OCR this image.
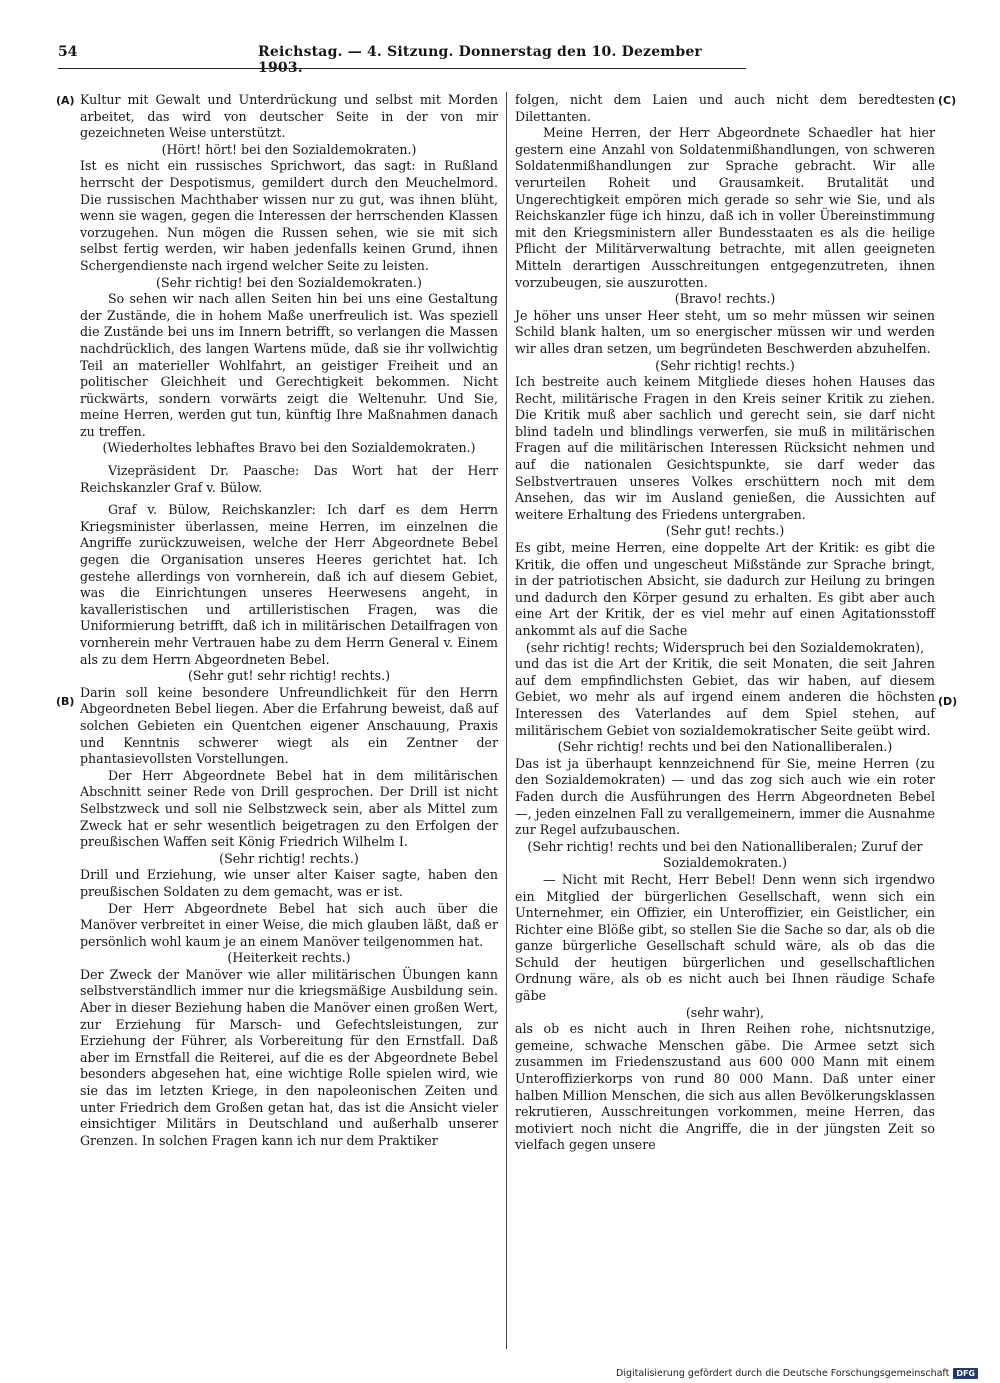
54	Reichstag. — 4. Sitzung. Donnerstag den 10. Dezember 1903.
(A)
(B)
(C)
(D)

Kultur mit Gewalt und Unterdrückung und selbst mit Morden arbeitet, das wird von deutscher Seite in der von mir gezeichneten Weise unterstützt.

(Hört! hört! bei den Sozialdemokraten.)

Ist es nicht ein russisches Sprichwort, das sagt: in Rußland herrscht der Despotismus, gemildert durch den Meuchelmord. Die russischen Machthaber wissen nur zu gut, was ihnen blüht, wenn sie wagen, gegen die Interessen der herrschenden Klassen vorzugehen. Nun mögen die Russen sehen, wie sie mit sich selbst fertig werden, wir haben jedenfalls keinen Grund, ihnen Schergendienste nach irgend welcher Seite zu leisten.

(Sehr richtig! bei den Sozialdemokraten.)

So sehen wir nach allen Seiten hin bei uns eine Gestaltung der Zustände, die in hohem Maße unerfreulich ist. Was speziell die Zustände bei uns im Innern betrifft, so verlangen die Massen nachdrücklich, des langen Wartens müde, daß sie ihr vollwichtig Teil an materieller Wohlfahrt, an geistiger Freiheit und an politischer Gleichheit und Gerechtigkeit bekommen. Nicht rückwärts, sondern vorwärts zeigt die Weltenuhr. Und Sie, meine Herren, werden gut tun, künftig Ihre Maßnahmen danach zu treffen.

(Wiederholtes lebhaftes Bravo bei den Sozialdemokraten.)

Vizepräsident Dr. Paasche: Das Wort hat der Herr Reichskanzler Graf v. Bülow.

Graf v. Bülow, Reichskanzler: Ich darf es dem Herrn Kriegsminister überlassen, meine Herren, im einzelnen die Angriffe zurückzuweisen, welche der Herr Abgeordnete Bebel gegen die Organisation unseres Heeres gerichtet hat. Ich gestehe allerdings von vornherein, daß ich auf diesem Gebiet, was die Einrichtungen unseres Heerwesens angeht, in kavalleristischen und artilleristischen Fragen, was die Uniformierung betrifft, daß ich in militärischen Detailfragen von vornherein mehr Vertrauen habe zu dem Herrn General v. Einem als zu dem Herrn Abgeordneten Bebel.

(Sehr gut! sehr richtig! rechts.)

Darin soll keine besondere Unfreundlichkeit für den Herrn Abgeordneten Bebel liegen. Aber die Erfahrung beweist, daß auf solchen Gebieten ein Quentchen eigener Anschauung, Praxis und Kenntnis schwerer wiegt als ein Zentner der phantasievollsten Vorstellungen.

Der Herr Abgeordnete Bebel hat in dem militärischen Abschnitt seiner Rede von Drill gesprochen. Der Drill ist nicht Selbstzweck und soll nie Selbstzweck sein, aber als Mittel zum Zweck hat er sehr wesentlich beigetragen zu den Erfolgen der preußischen Waffen seit König Friedrich Wilhelm I.

(Sehr richtig! rechts.)

Drill und Erziehung, wie unser alter Kaiser sagte, haben den preußischen Soldaten zu dem gemacht, was er ist.

Der Herr Abgeordnete Bebel hat sich auch über die Manöver verbreitet in einer Weise, die mich glauben läßt, daß er persönlich wohl kaum je an einem Manöver teilgenommen hat.

(Heiterkeit rechts.)

Der Zweck der Manöver wie aller militärischen Übungen kann selbstverständlich immer nur die kriegsmäßige Ausbildung sein. Aber in dieser Beziehung haben die Manöver einen großen Wert, zur Erziehung für Marsch- und Gefechtsleistungen, zur Erziehung der Führer, als Vorbereitung für den Ernstfall. Daß aber im Ernstfall die Reiterei, auf die es der Abgeordnete Bebel besonders abgesehen hat, eine wichtige Rolle spielen wird, wie sie das im letzten Kriege, in den napoleonischen Zeiten und unter Friedrich dem Großen getan hat, das ist die Ansicht vieler einsichtiger Militärs in Deutschland und außerhalb unserer Grenzen. In solchen Fragen kann ich nur dem Praktiker

folgen, nicht dem Laien und auch nicht dem beredtesten Dilettanten.

Meine Herren, der Herr Abgeordnete Schaedler hat hier gestern eine Anzahl von Soldatenmißhandlungen, von schweren Soldatenmißhandlungen zur Sprache gebracht. Wir alle verurteilen Roheit und Grausamkeit. Brutalität und Ungerechtigkeit empören mich gerade so sehr wie Sie, und als Reichskanzler füge ich hinzu, daß ich in voller Übereinstimmung mit den Kriegsministern aller Bundesstaaten es als die heilige Pflicht der Militärverwaltung betrachte, mit allen geeigneten Mitteln derartigen Ausschreitungen entgegenzutreten, ihnen vorzubeugen, sie auszurotten.

(Bravo! rechts.)

Je höher uns unser Heer steht, um so mehr müssen wir seinen Schild blank halten, um so energischer müssen wir und werden wir alles dran setzen, um begründeten Beschwerden abzuhelfen.

(Sehr richtig! rechts.)

Ich bestreite auch keinem Mitgliede dieses hohen Hauses das Recht, militärische Fragen in den Kreis seiner Kritik zu ziehen. Die Kritik muß aber sachlich und gerecht sein, sie darf nicht blind tadeln und blindlings verwerfen, sie muß in militärischen Fragen auf die militärischen Interessen Rücksicht nehmen und auf die nationalen Gesichtspunkte, sie darf weder das Selbstvertrauen unseres Volkes erschüttern noch mit dem Ansehen, das wir im Ausland genießen, die Aussichten auf weitere Erhaltung des Friedens untergraben.

(Sehr gut! rechts.)

Es gibt, meine Herren, eine doppelte Art der Kritik: es gibt die Kritik, die offen und ungescheut Mißstände zur Sprache bringt, in der patriotischen Absicht, sie dadurch zur Heilung zu bringen und dadurch den Körper gesund zu erhalten. Es gibt aber auch eine Art der Kritik, der es viel mehr auf einen Agitationsstoff ankommt als auf die Sache

(sehr richtig! rechts; Widerspruch bei den Sozialdemokraten),

und das ist die Art der Kritik, die seit Monaten, die seit Jahren auf dem empfindlichsten Gebiet, das wir haben, auf diesem Gebiet, wo mehr als auf irgend einem anderen die höchsten Interessen des Vaterlandes auf dem Spiel stehen, auf militärischem Gebiet von sozialdemokratischer Seite geübt wird.

(Sehr richtig! rechts und bei den Nationalliberalen.)

Das ist ja überhaupt kennzeichnend für Sie, meine Herren (zu den Sozialdemokraten) — und das zog sich auch wie ein roter Faden durch die Ausführungen des Herrn Abgeordneten Bebel —, jeden einzelnen Fall zu verallgemeinern, immer die Ausnahme zur Regel aufzubauschen.

(Sehr richtig! rechts und bei den Nationalliberalen; Zuruf der Sozialdemokraten.)

— Nicht mit Recht, Herr Bebel! Denn wenn sich irgendwo ein Mitglied der bürgerlichen Gesellschaft, wenn sich ein Unternehmer, ein Offizier, ein Unteroffizier, ein Geistlicher, ein Richter eine Blöße gibt, so stellen Sie die Sache so dar, als ob die ganze bürgerliche Gesellschaft schuld wäre, als ob das die Schuld der heutigen bürgerlichen und gesellschaftlichen Ordnung wäre, als ob es nicht auch bei Ihnen räudige Schafe gäbe

(sehr wahr),

als ob es nicht auch in Ihren Reihen rohe, nichtsnutzige, gemeine, schwache Menschen gäbe. Die Armee setzt sich zusammen im Friedenszustand aus 600 000 Mann mit einem Unteroffizierkorps von rund 80 000 Mann. Daß unter einer halben Million Menschen, die sich aus allen Bevölkerungsklassen rekrutieren, Ausschreitungen vorkommen, meine Herren, das motiviert noch nicht die Angriffe, die in der jüngsten Zeit so vielfach gegen unsere

Digitalisierung gefördert durch die Deutsche Forschungsgemeinschaft DFG
